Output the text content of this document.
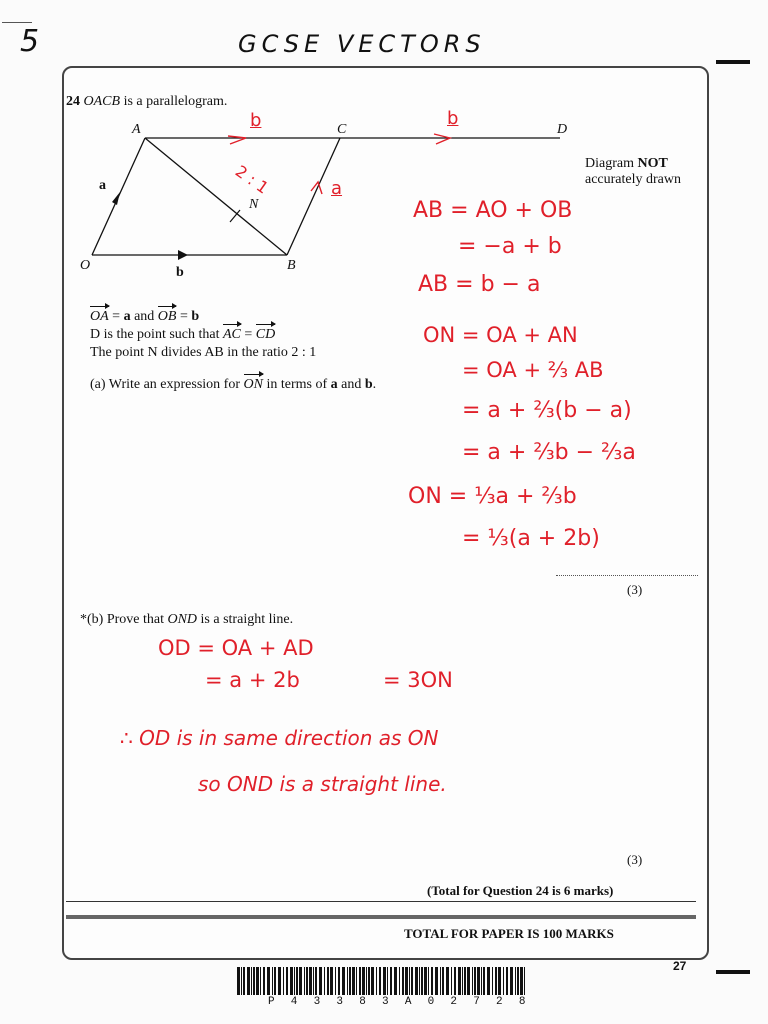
5	GCSE VECTORS
24 OACB is a parallelogram.
A	C	D
O	B
N
a
b
b	b
a
2 : 1	Diagram NOT
accurately drawn
OA = a and OB = b
D is the point such that AC = CD
The point N divides AB in the ratio 2 : 1
(a) Write an expression for ON in terms of a and b.
AB = AO + OB
= −a + b
AB = b − a
ON = OA + AN
= OA + ⅔ AB
= a + ⅔(b − a)
= a + ⅔b − ⅔a
ON = ⅓a + ⅔b
= ⅓(a + 2b)
(3)
*(b) Prove that OND is a straight line.
OD = OA + AD
= a + 2b	= 3ON
∴ OD is in same direction as ON
so OND is a straight line.
(3)
(Total for Question 24 is 6 marks)
TOTAL FOR PAPER IS 100 MARKS
27
P  4  3  3  8  3  A  0  2  7  2  8
